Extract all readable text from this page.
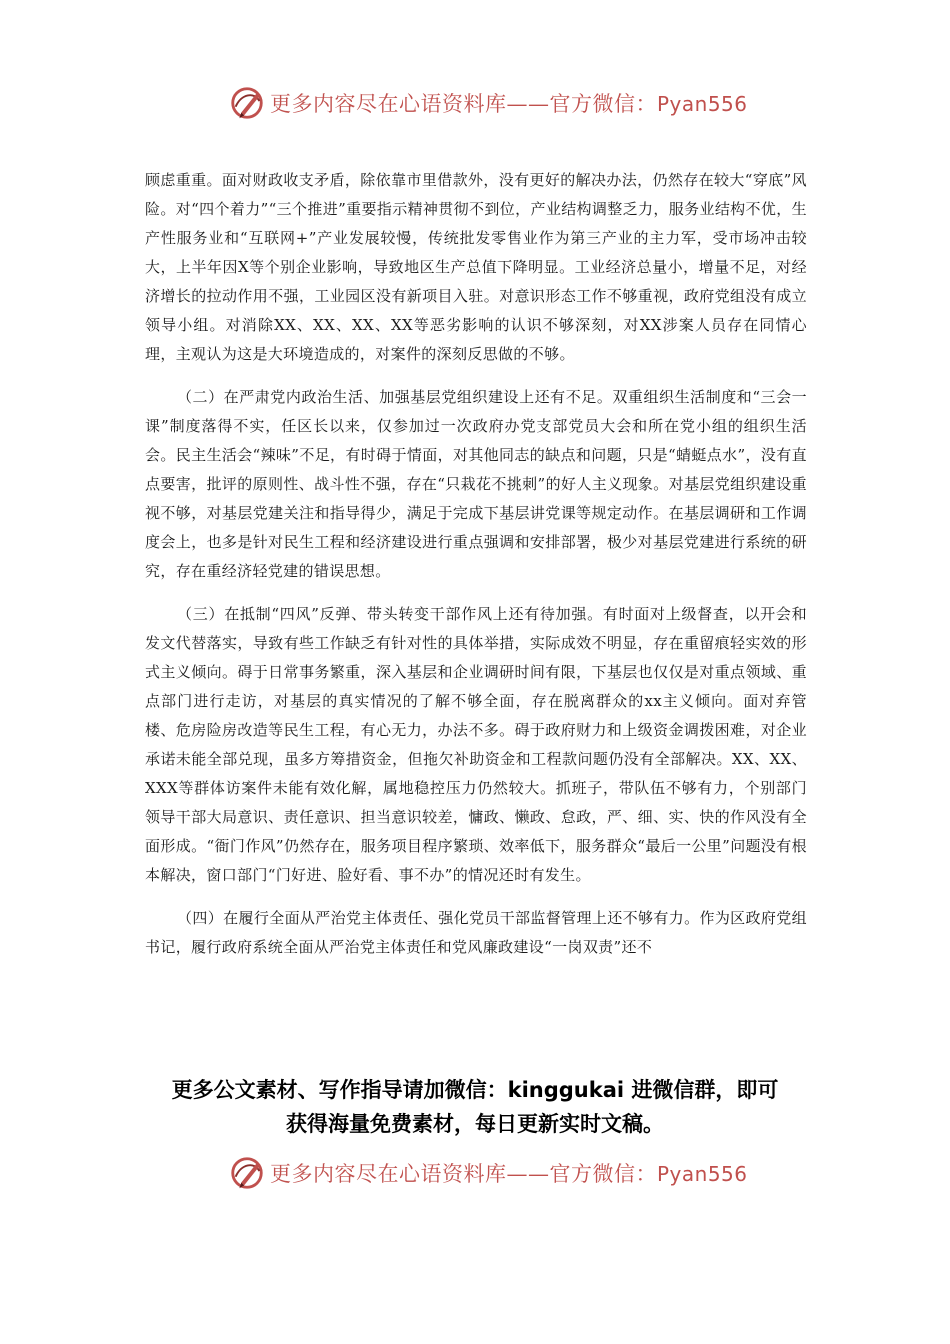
更多内容尽在心语资料库——官方微信：Pyan556

顾虑重重。面对财政收支矛盾，除依靠市里借款外，没有更好的解决办法，仍然存在较大“穿底”风险。对“四个着力”“三个推进”重要指示精神贯彻不到位，产业结构调整乏力，服务业结构不优，生产性服务业和“互联网+”产业发展较慢，传统批发零售业作为第三产业的主力军，受市场冲击较大，上半年因X等个别企业影响，导致地区生产总值下降明显。工业经济总量小，增量不足，对经济增长的拉动作用不强，工业园区没有新项目入驻。对意识形态工作不够重视，政府党组没有成立领导小组。对消除XX、XX、XX、XX等恶劣影响的认识不够深刻，对XX涉案人员存在同情心理，主观认为这是大环境造成的，对案件的深刻反思做的不够。

（二）在严肃党内政治生活、加强基层党组织建设上还有不足。双重组织生活制度和“三会一课”制度落得不实，任区长以来，仅参加过一次政府办党支部党员大会和所在党小组的组织生活会。民主生活会“辣味”不足，有时碍于情面，对其他同志的缺点和问题，只是“蜻蜓点水”，没有直点要害，批评的原则性、战斗性不强，存在“只栽花不挑刺”的好人主义现象。对基层党组织建设重视不够，对基层党建关注和指导得少，满足于完成下基层讲党课等规定动作。在基层调研和工作调度会上，也多是针对民生工程和经济建设进行重点强调和安排部署，极少对基层党建进行系统的研究，存在重经济轻党建的错误思想。

（三）在抵制“四风”反弹、带头转变干部作风上还有待加强。有时面对上级督查，以开会和发文代替落实，导致有些工作缺乏有针对性的具体举措，实际成效不明显，存在重留痕轻实效的形式主义倾向。碍于日常事务繁重，深入基层和企业调研时间有限，下基层也仅仅是对重点领域、重点部门进行走访，对基层的真实情况的了解不够全面，存在脱离群众的xx主义倾向。面对弃管楼、危房险房改造等民生工程，有心无力，办法不多。碍于政府财力和上级资金调拨困难，对企业承诺未能全部兑现，虽多方筹措资金，但拖欠补助资金和工程款问题仍没有全部解决。XX、XX、XXX等群体访案件未能有效化解，属地稳控压力仍然较大。抓班子，带队伍不够有力，个别部门领导干部大局意识、责任意识、担当意识较差，慵政、懒政、怠政，严、细、实、快的作风没有全面形成。“衙门作风”仍然存在，服务项目程序繁琐、效率低下，服务群众“最后一公里”问题没有根本解决，窗口部门“门好进、脸好看、事不办”的情况还时有发生。

（四）在履行全面从严治党主体责任、强化党员干部监督管理上还不够有力。作为区政府党组书记，履行政府系统全面从严治党主体责任和党风廉政建设“一岗双责”还不

更多公文素材、写作指导请加微信：kinggukai 进微信群，即可
获得海量免费素材，每日更新实时文稿。
更多内容尽在心语资料库——官方微信：Pyan556
